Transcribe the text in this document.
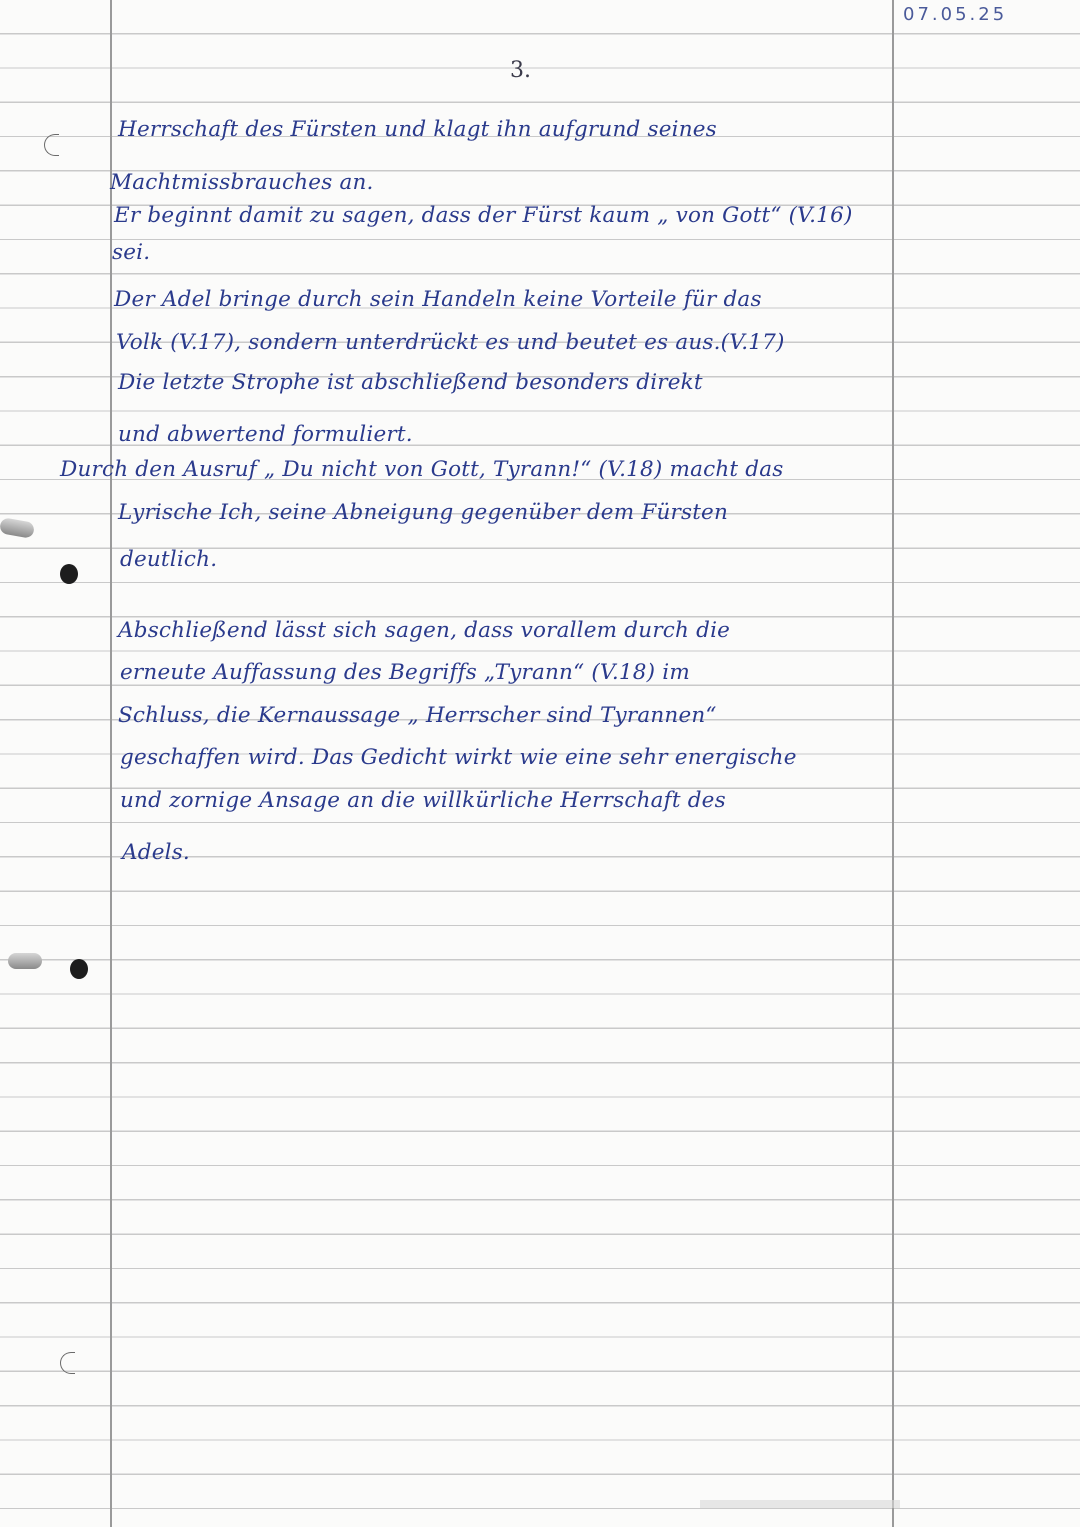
07.05.25
3.
Herrschaft des Fürsten und klagt ihn aufgrund seines
Machtmissbrauches an.
Er beginnt damit zu sagen, dass der Fürst kaum „ von Gott“ (V.16)
sei.
Der Adel bringe durch sein Handeln keine Vorteile für das
Volk (V.17), sondern unterdrückt es und beutet es aus.(V.17)
Die letzte Strophe ist abschließend besonders direkt
und abwertend formuliert.
Durch den Ausruf „ Du nicht von Gott, Tyrann!“ (V.18) macht das
Lyrische Ich, seine Abneigung gegenüber dem Fürsten
deutlich.
Abschließend lässt sich sagen, dass vorallem durch die
erneute Auffassung des Begriffs „Tyrann“ (V.18) im
Schluss, die Kernaussage „ Herrscher sind Tyrannen“
geschaffen wird. Das Gedicht wirkt wie eine sehr energische
und zornige Ansage an die willkürliche Herrschaft des
Adels.
